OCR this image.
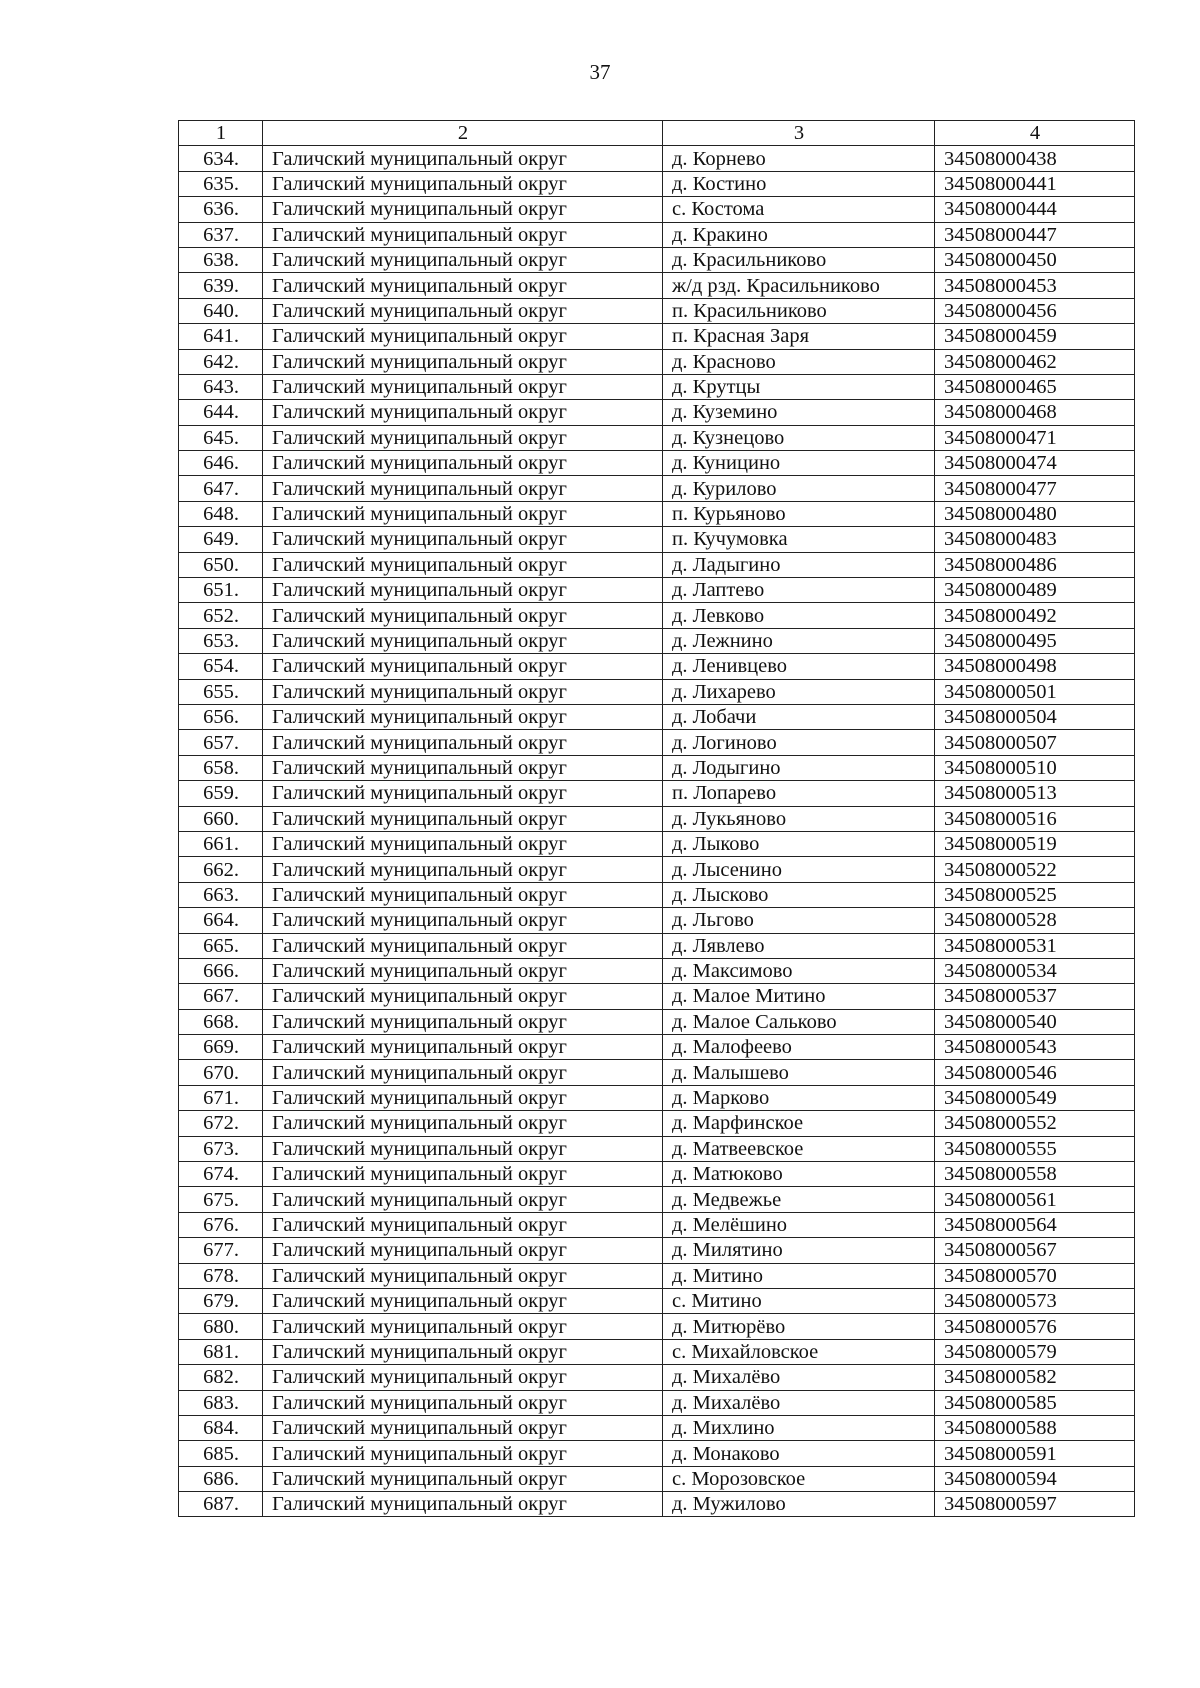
37
1	2	3	4
634.	Галичский муниципальный округ	д. Корнево	34508000438
635.	Галичский муниципальный округ	д. Костино	34508000441
636.	Галичский муниципальный округ	с. Костома	34508000444
637.	Галичский муниципальный округ	д. Кракино	34508000447
638.	Галичский муниципальный округ	д. Красильниково	34508000450
639.	Галичский муниципальный округ	ж/д рзд. Красильниково	34508000453
640.	Галичский муниципальный округ	п. Красильниково	34508000456
641.	Галичский муниципальный округ	п. Красная Заря	34508000459
642.	Галичский муниципальный округ	д. Красново	34508000462
643.	Галичский муниципальный округ	д. Крутцы	34508000465
644.	Галичский муниципальный округ	д. Куземино	34508000468
645.	Галичский муниципальный округ	д. Кузнецово	34508000471
646.	Галичский муниципальный округ	д. Куницино	34508000474
647.	Галичский муниципальный округ	д. Курилово	34508000477
648.	Галичский муниципальный округ	п. Курьяново	34508000480
649.	Галичский муниципальный округ	п. Кучумовка	34508000483
650.	Галичский муниципальный округ	д. Ладыгино	34508000486
651.	Галичский муниципальный округ	д. Лаптево	34508000489
652.	Галичский муниципальный округ	д. Левково	34508000492
653.	Галичский муниципальный округ	д. Лежнино	34508000495
654.	Галичский муниципальный округ	д. Ленивцево	34508000498
655.	Галичский муниципальный округ	д. Лихарево	34508000501
656.	Галичский муниципальный округ	д. Лобачи	34508000504
657.	Галичский муниципальный округ	д. Логиново	34508000507
658.	Галичский муниципальный округ	д. Лодыгино	34508000510
659.	Галичский муниципальный округ	п. Лопарево	34508000513
660.	Галичский муниципальный округ	д. Лукьяново	34508000516
661.	Галичский муниципальный округ	д. Лыково	34508000519
662.	Галичский муниципальный округ	д. Лысенино	34508000522
663.	Галичский муниципальный округ	д. Лысково	34508000525
664.	Галичский муниципальный округ	д. Льгово	34508000528
665.	Галичский муниципальный округ	д. Лявлево	34508000531
666.	Галичский муниципальный округ	д. Максимово	34508000534
667.	Галичский муниципальный округ	д. Малое Митино	34508000537
668.	Галичский муниципальный округ	д. Малое Сальково	34508000540
669.	Галичский муниципальный округ	д. Малофеево	34508000543
670.	Галичский муниципальный округ	д. Малышево	34508000546
671.	Галичский муниципальный округ	д. Марково	34508000549
672.	Галичский муниципальный округ	д. Марфинское	34508000552
673.	Галичский муниципальный округ	д. Матвеевское	34508000555
674.	Галичский муниципальный округ	д. Матюково	34508000558
675.	Галичский муниципальный округ	д. Медвежье	34508000561
676.	Галичский муниципальный округ	д. Мелёшино	34508000564
677.	Галичский муниципальный округ	д. Милятино	34508000567
678.	Галичский муниципальный округ	д. Митино	34508000570
679.	Галичский муниципальный округ	с. Митино	34508000573
680.	Галичский муниципальный округ	д. Митюрёво	34508000576
681.	Галичский муниципальный округ	с. Михайловское	34508000579
682.	Галичский муниципальный округ	д. Михалёво	34508000582
683.	Галичский муниципальный округ	д. Михалёво	34508000585
684.	Галичский муниципальный округ	д. Михлино	34508000588
685.	Галичский муниципальный округ	д. Монаково	34508000591
686.	Галичский муниципальный округ	с. Морозовское	34508000594
687.	Галичский муниципальный округ	д. Мужилово	34508000597
